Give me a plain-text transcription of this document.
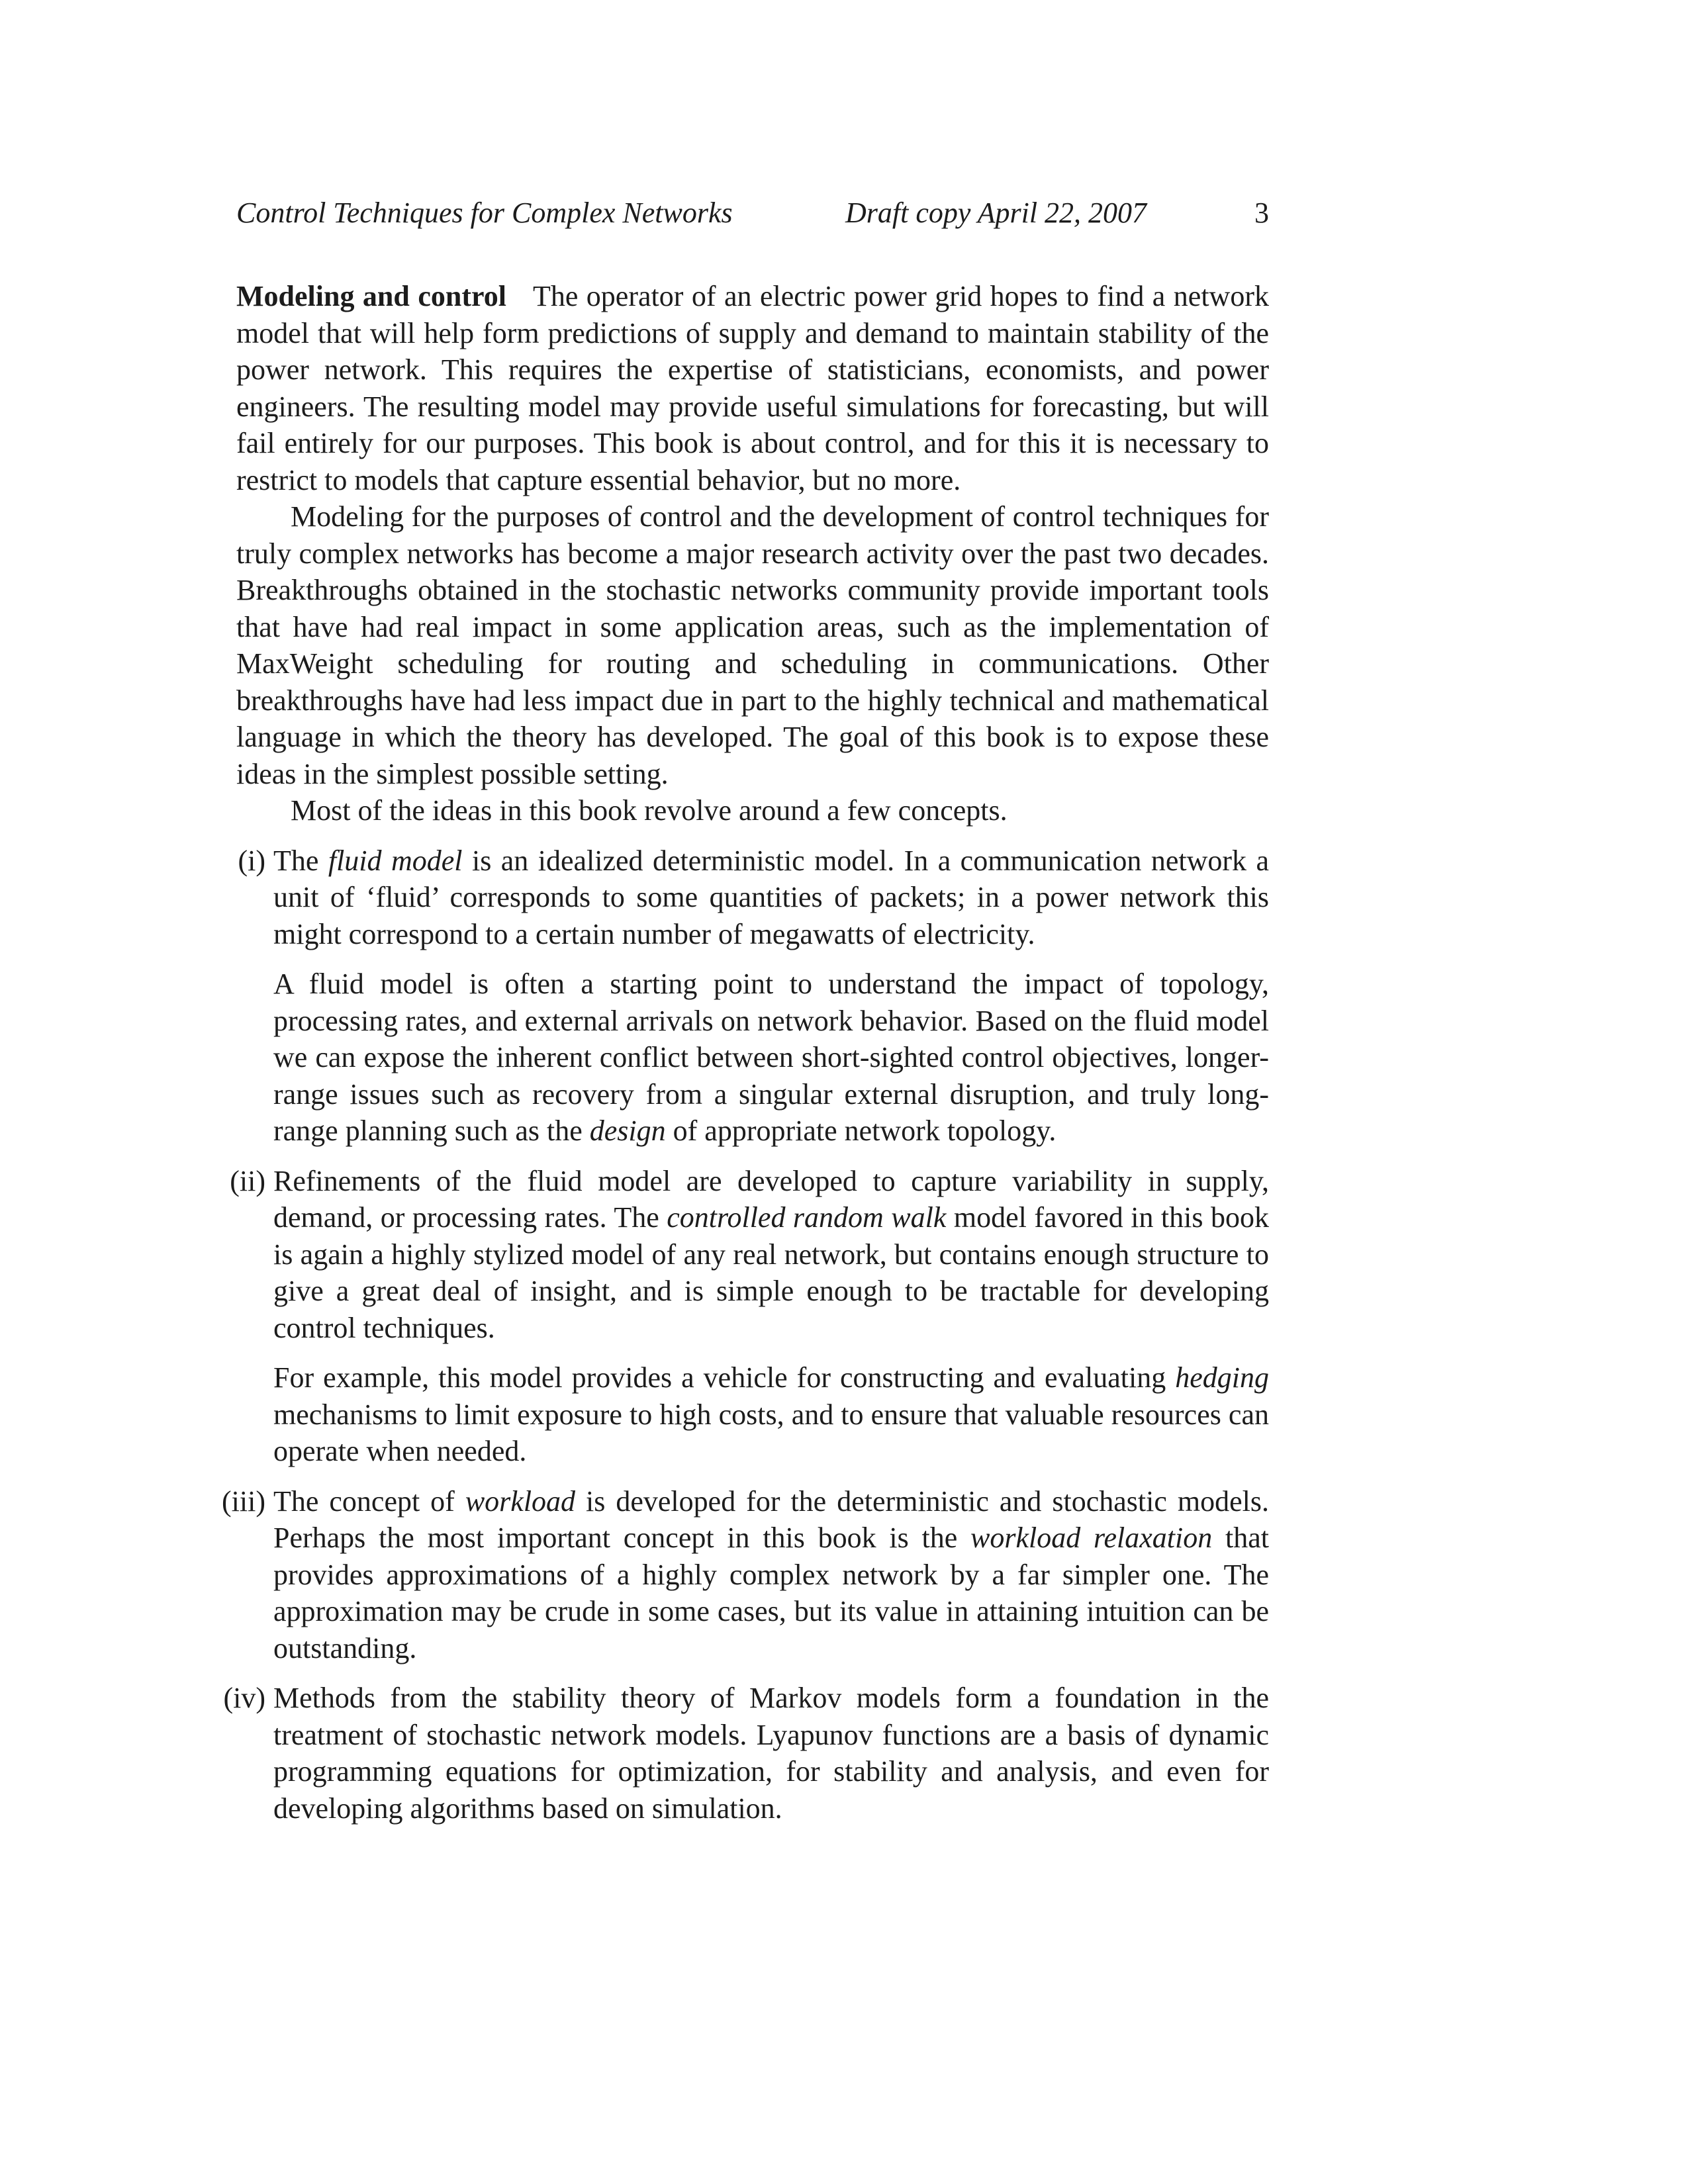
Control Techniques for Complex Networks	Draft copy April 22, 2007	3

Modeling and control The operator of an electric power grid hopes to find a network model that will help form predictions of supply and demand to maintain stability of the power network. This requires the expertise of statisticians, economists, and power engineers. The resulting model may provide useful simulations for forecasting, but will fail entirely for our purposes. This book is about control, and for this it is necessary to restrict to models that capture essential behavior, but no more.

Modeling for the purposes of control and the development of control techniques for truly complex networks has become a major research activity over the past two decades. Breakthroughs obtained in the stochastic networks community provide important tools that have had real impact in some application areas, such as the implementation of MaxWeight scheduling for routing and scheduling in communications. Other breakthroughs have had less impact due in part to the highly technical and mathematical language in which the theory has developed. The goal of this book is to expose these ideas in the simplest possible setting.

Most of the ideas in this book revolve around a few concepts.

(i) The fluid model is an idealized deterministic model. In a communication network a unit of ‘fluid’ corresponds to some quantities of packets; in a power network this might correspond to a certain number of megawatts of electricity.

A fluid model is often a starting point to understand the impact of topology, processing rates, and external arrivals on network behavior. Based on the fluid model we can expose the inherent conflict between short-sighted control objectives, longer-range issues such as recovery from a singular external disruption, and truly long-range planning such as the design of appropriate network topology.

(ii) Refinements of the fluid model are developed to capture variability in supply, demand, or processing rates. The controlled random walk model favored in this book is again a highly stylized model of any real network, but contains enough structure to give a great deal of insight, and is simple enough to be tractable for developing control techniques.

For example, this model provides a vehicle for constructing and evaluating hedging mechanisms to limit exposure to high costs, and to ensure that valuable resources can operate when needed.

(iii) The concept of workload is developed for the deterministic and stochastic models. Perhaps the most important concept in this book is the workload relaxation that provides approximations of a highly complex network by a far simpler one. The approximation may be crude in some cases, but its value in attaining intuition can be outstanding.

(iv) Methods from the stability theory of Markov models form a foundation in the treatment of stochastic network models. Lyapunov functions are a basis of dynamic programming equations for optimization, for stability and analysis, and even for developing algorithms based on simulation.
